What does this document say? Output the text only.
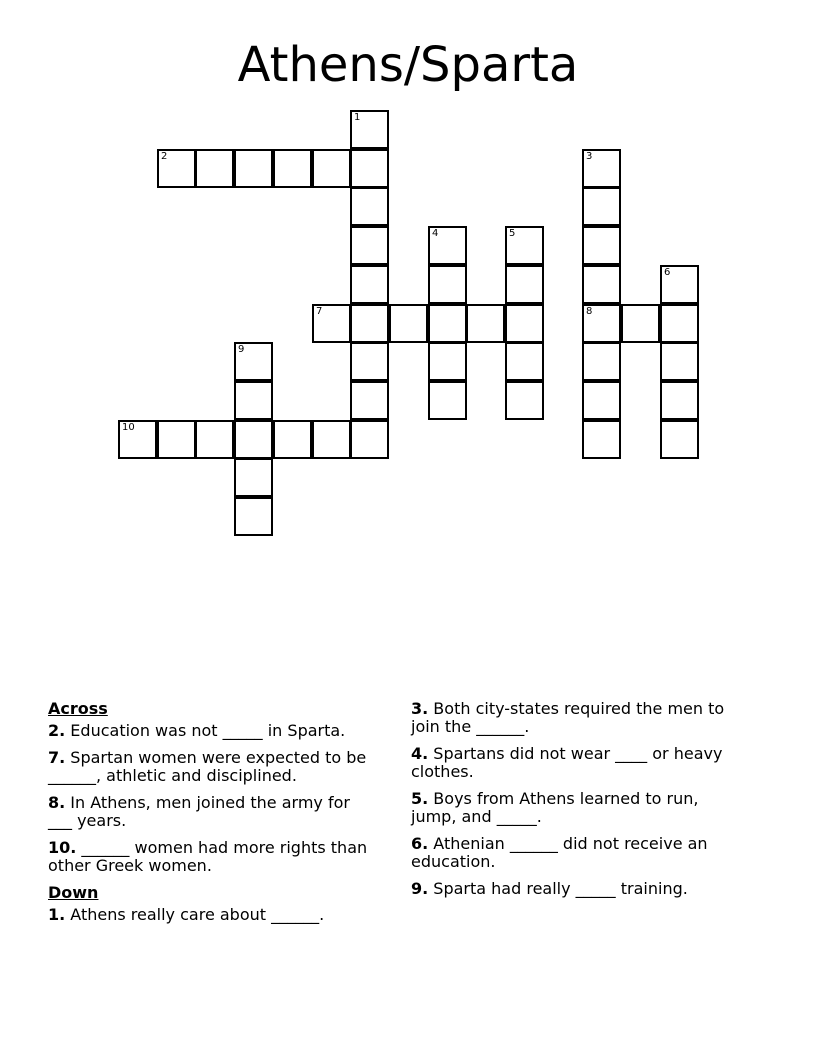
Athens/Sparta
1
2	3
4	5
6
7	8
9
10
Across
2. Education was not _____ in Sparta.
7. Spartan women were expected to be ______, athletic and disciplined.
8. In Athens, men joined the army for ___ years.
10. ______ women had more rights than other Greek women.
Down
1. Athens really care about ______.
3. Both city-states required the men to join the ______.
4. Spartans did not wear ____ or heavy clothes.
5. Boys from Athens learned to run, jump, and _____.
6. Athenian ______ did not receive an education.
9. Sparta had really _____ training.
